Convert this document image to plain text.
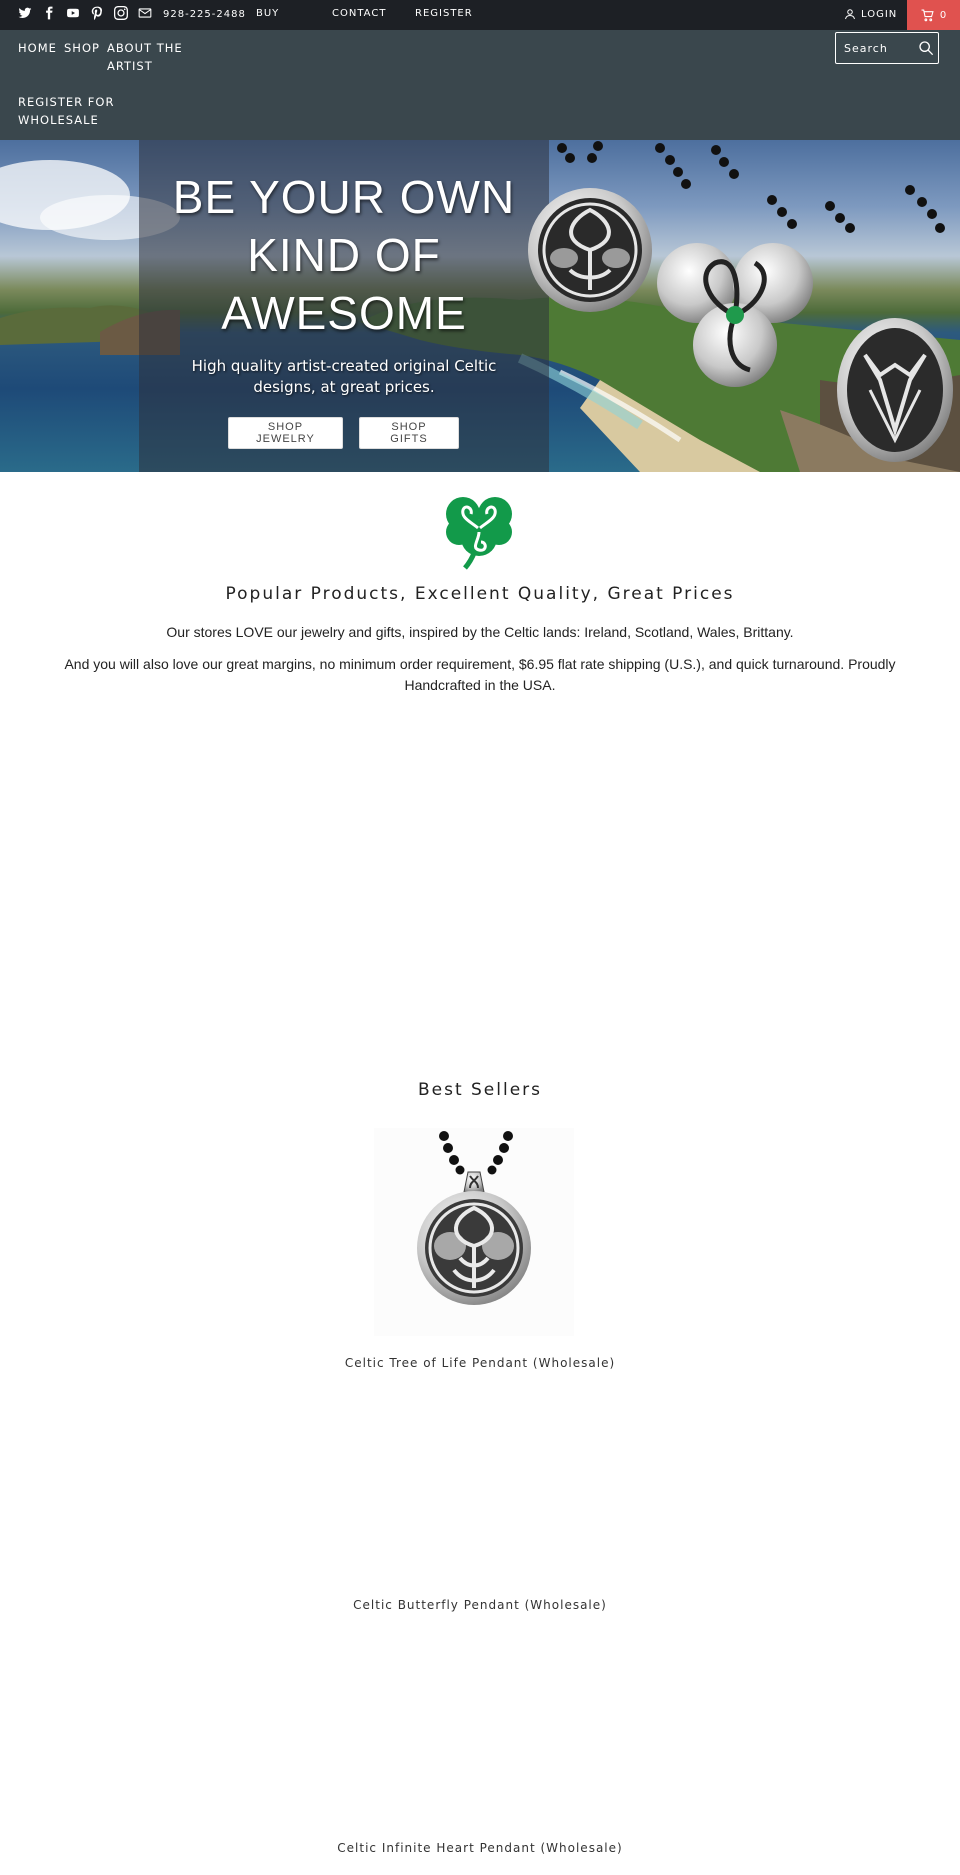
928-225-2488 BUY	CONTACT	REGISTER	LOGIN	0
HOME SHOP ABOUT THE
ARTIST
REGISTER FOR
WHOLESALE
Search
BE YOUR OWN
KIND OF
AWESOME
High quality artist-created original Celtic designs, at great prices.
SHOP
JEWELRY
SHOP
GIFTS
Popular Products, Excellent Quality, Great Prices

Our stores LOVE our jewelry and gifts, inspired by the Celtic lands: Ireland, Scotland, Wales, Brittany.

And you will also love our great margins, no minimum order requirement, $6.95 flat rate shipping (U.S.), and quick turnaround. Proudly Handcrafted in the USA.

Best Sellers
Celtic Tree of Life Pendant (Wholesale)
Celtic Butterfly Pendant (Wholesale)
Celtic Infinite Heart Pendant (Wholesale)
